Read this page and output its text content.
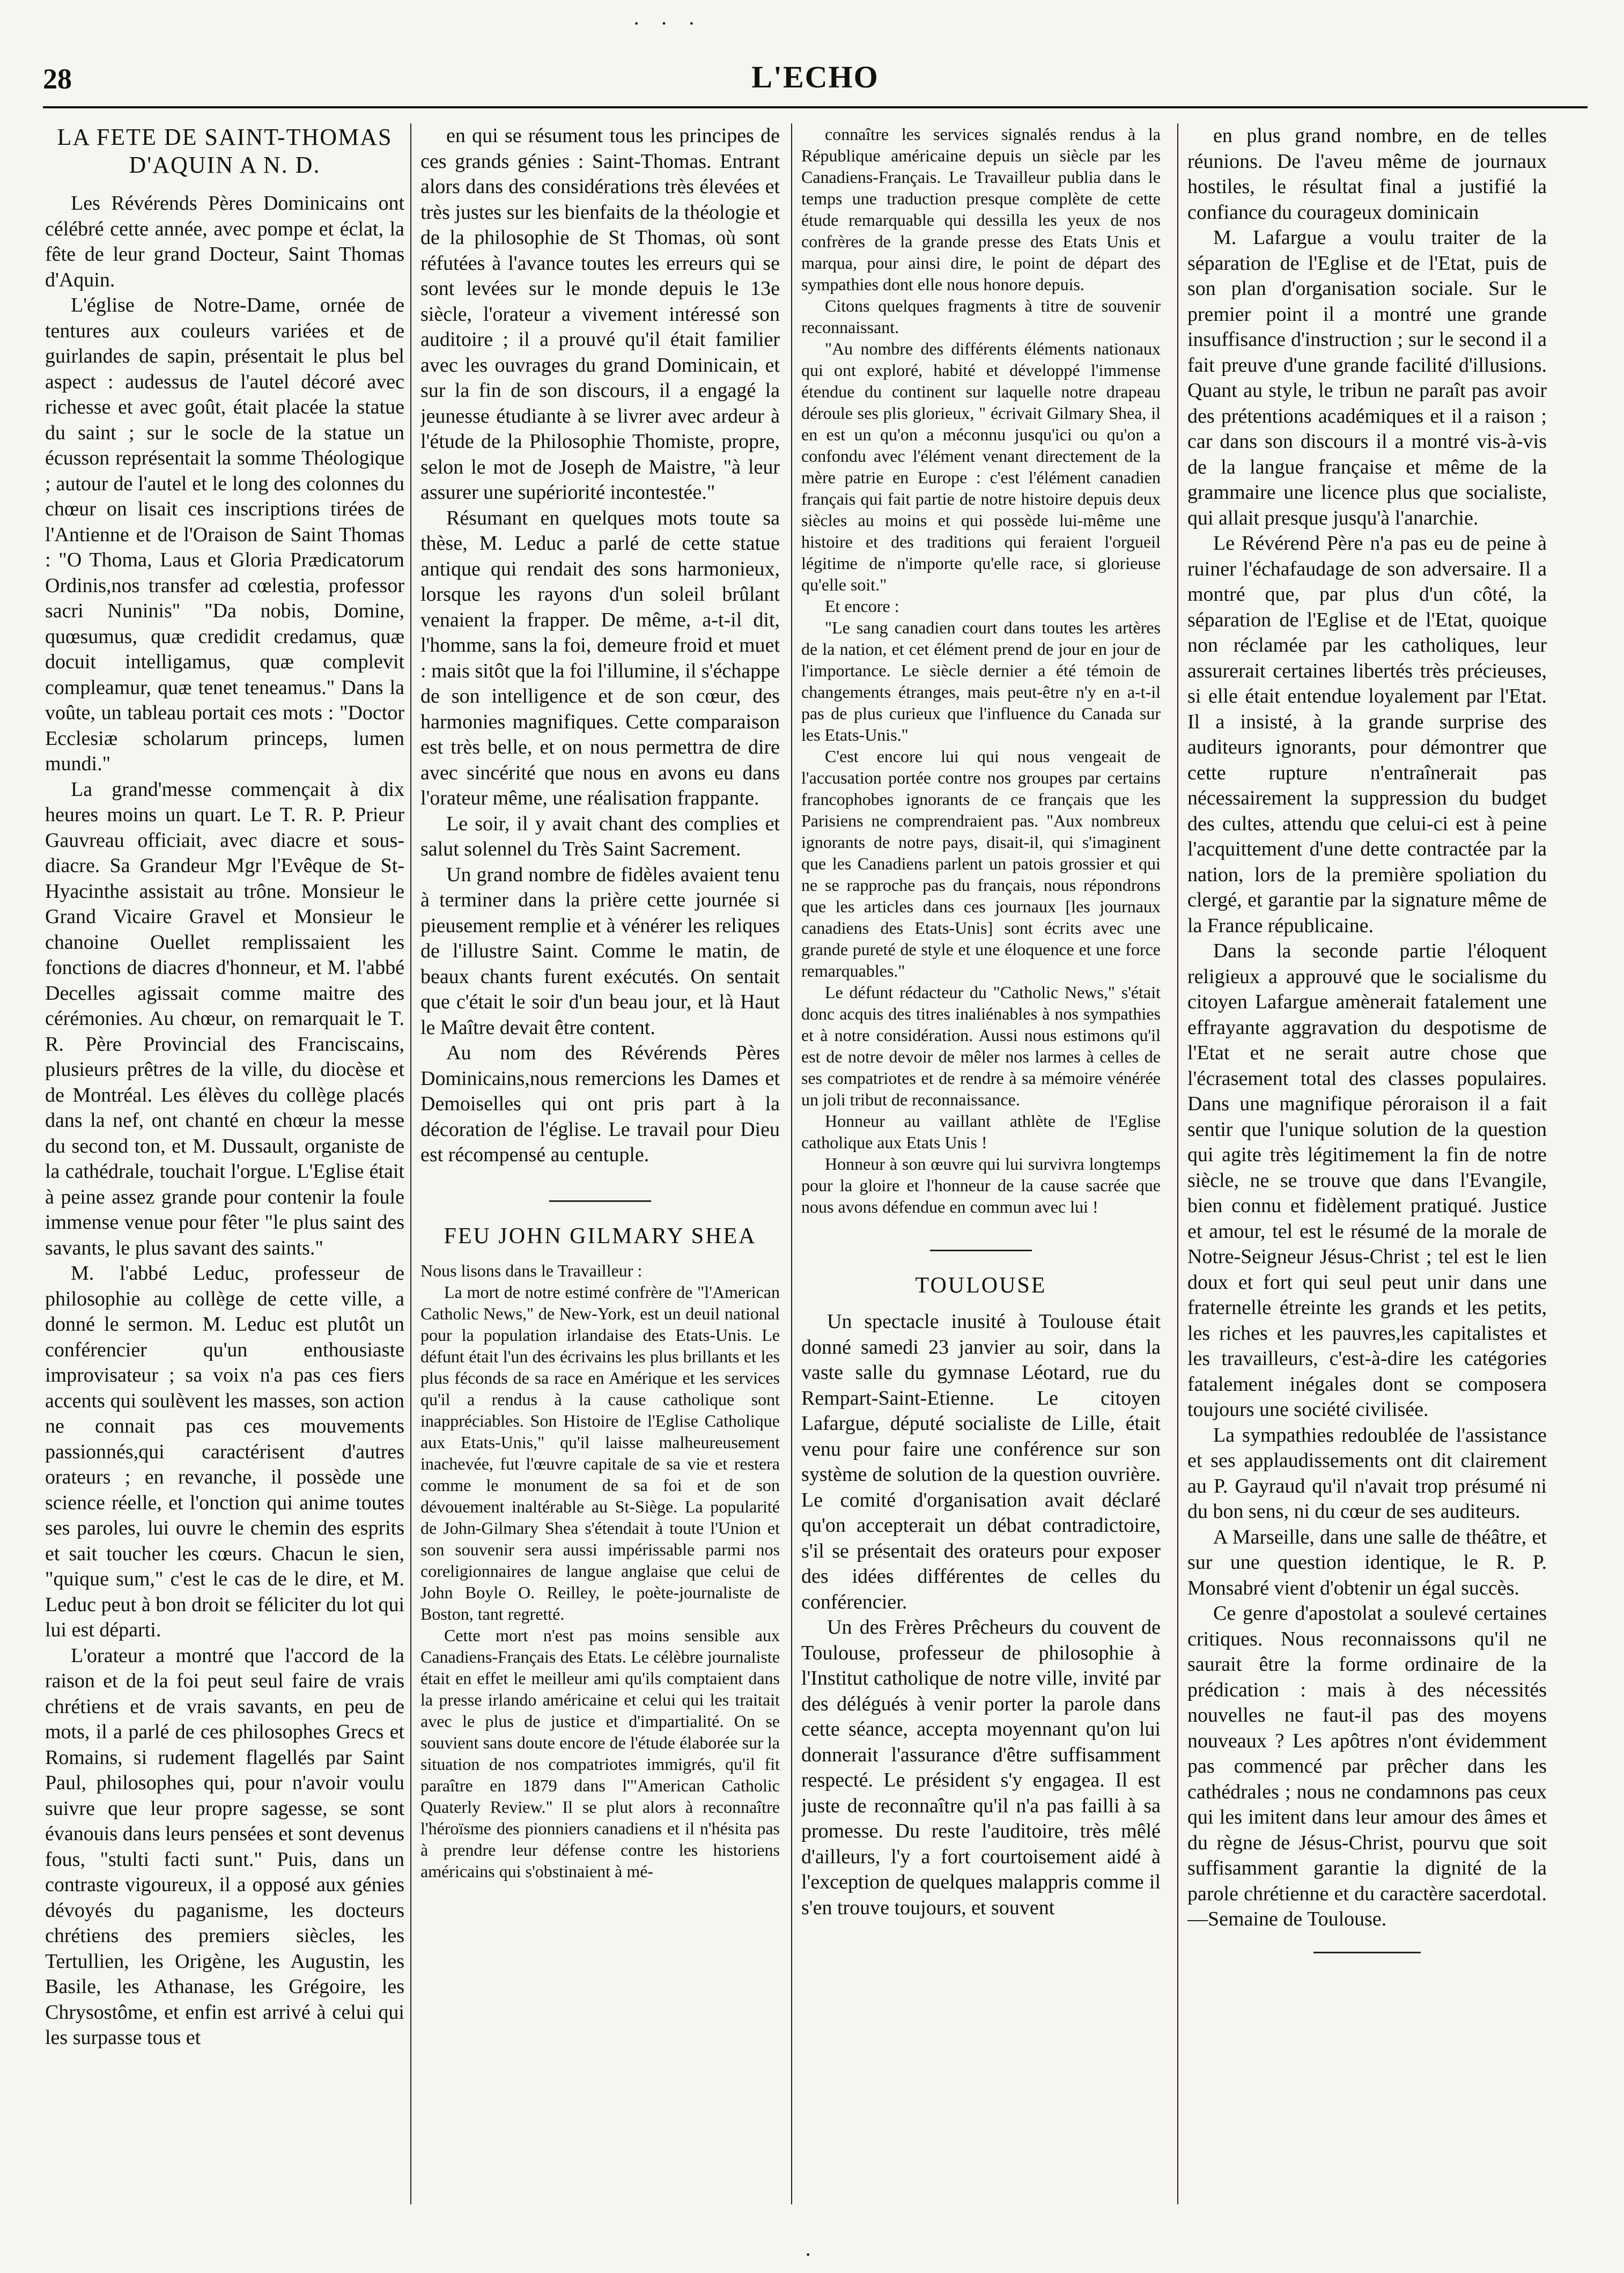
···
28	L'ECHO
LA FETE DE SAINT-THOMAS D'AQUIN A N. D.

Les Révérends Pères Dominicains ont célébré cette année, avec pompe et éclat, la fête de leur grand Docteur, Saint Thomas d'Aquin.

L'église de Notre-Dame, ornée de tentures aux couleurs variées et de guirlandes de sapin, présentait le plus bel aspect : audessus de l'autel décoré avec richesse et avec goût, était placée la statue du saint ; sur le socle de la statue un écusson représentait la somme Théologique ; autour de l'autel et le long des colonnes du chœur on lisait ces inscriptions tirées de l'Antienne et de l'Oraison de Saint Thomas : "O Thoma, Laus et Gloria Prædicatorum Ordinis,nos transfer ad cœlestia, professor sacri Nuninis" "Da nobis, Domine, quœsumus, quæ credidit credamus, quæ docuit intelligamus, quæ complevit compleamur, quæ tenet teneamus." Dans la voûte, un tableau portait ces mots : "Doctor Ecclesiæ scholarum princeps, lumen mundi."

La grand'messe commençait à dix heures moins un quart. Le T. R. P. Prieur Gauvreau officiait, avec diacre et sous-diacre. Sa Grandeur Mgr l'Evêque de St-Hyacinthe assistait au trône. Monsieur le Grand Vicaire Gravel et Monsieur le chanoine Ouellet remplissaient les fonctions de diacres d'honneur, et M. l'abbé Decelles agissait comme maitre des cérémonies. Au chœur, on remarquait le T. R. Père Provincial des Franciscains, plusieurs prêtres de la ville, du diocèse et de Montréal. Les élèves du collège placés dans la nef, ont chanté en chœur la messe du second ton, et M. Dussault, organiste de la cathédrale, touchait l'orgue. L'Eglise était à peine assez grande pour contenir la foule immense venue pour fêter "le plus saint des savants, le plus savant des saints."

M. l'abbé Leduc, professeur de philosophie au collège de cette ville, a donné le sermon. M. Leduc est plutôt un conférencier qu'un enthousiaste improvisateur ; sa voix n'a pas ces fiers accents qui soulèvent les masses, son action ne connait pas ces mouvements passionnés,qui caractérisent d'autres orateurs ; en revanche, il possède une science réelle, et l'onction qui anime toutes ses paroles, lui ouvre le chemin des esprits et sait toucher les cœurs. Chacun le sien, "quique sum," c'est le cas de le dire, et M. Leduc peut à bon droit se féliciter du lot qui lui est départi.

L'orateur a montré que l'accord de la raison et de la foi peut seul faire de vrais chrétiens et de vrais savants, en peu de mots, il a parlé de ces philosophes Grecs et Romains, si rudement flagellés par Saint Paul, philosophes qui, pour n'avoir voulu suivre que leur propre sagesse, se sont évanouis dans leurs pensées et sont devenus fous, "stulti facti sunt." Puis, dans un contraste vigoureux, il a opposé aux génies dévoyés du paganisme, les docteurs chrétiens des premiers siècles, les Tertullien, les Origène, les Augustin, les Basile, les Athanase, les Grégoire, les Chrysostôme, et enfin est arrivé à celui qui les surpasse tous et

en qui se résument tous les principes de ces grands génies : Saint-Thomas. Entrant alors dans des considérations très élevées et très justes sur les bienfaits de la théologie et de la philosophie de St Thomas, où sont réfutées à l'avance toutes les erreurs qui se sont levées sur le monde depuis le 13e siècle, l'orateur a vivement intéressé son auditoire ; il a prouvé qu'il était familier avec les ouvrages du grand Dominicain, et sur la fin de son discours, il a engagé la jeunesse étudiante à se livrer avec ardeur à l'étude de la Philosophie Thomiste, propre, selon le mot de Joseph de Maistre, "à leur assurer une supériorité incontestée."

Résumant en quelques mots toute sa thèse, M. Leduc a parlé de cette statue antique qui rendait des sons harmonieux, lorsque les rayons d'un soleil brûlant venaient la frapper. De même, a-t-il dit, l'homme, sans la foi, demeure froid et muet : mais sitôt que la foi l'illumine, il s'échappe de son intelligence et de son cœur, des harmonies magnifiques. Cette comparaison est très belle, et on nous permettra de dire avec sincérité que nous en avons eu dans l'orateur même, une réalisation frappante.

Le soir, il y avait chant des complies et salut solennel du Très Saint Sacrement.

Un grand nombre de fidèles avaient tenu à terminer dans la prière cette journée si pieusement remplie et à vénérer les reliques de l'illustre Saint. Comme le matin, de beaux chants furent exécutés. On sentait que c'était le soir d'un beau jour, et là Haut le Maître devait être content.

Au nom des Révérends Pères Dominicains,nous remercions les Dames et Demoiselles qui ont pris part à la décoration de l'église. Le travail pour Dieu est récompensé au centuple.

FEU JOHN GILMARY SHEA

Nous lisons dans le Travailleur :

La mort de notre estimé confrère de "l'American Catholic News," de New-York, est un deuil national pour la population irlandaise des Etats-Unis. Le défunt était l'un des écrivains les plus brillants et les plus féconds de sa race en Amérique et les services qu'il a rendus à la cause catholique sont inappréciables. Son Histoire de l'Eglise Catholique aux Etats-Unis," qu'il laisse malheureusement inachevée, fut l'œuvre capitale de sa vie et restera comme le monument de sa foi et de son dévouement inaltérable au St-Siège. La popularité de John-Gilmary Shea s'étendait à toute l'Union et son souvenir sera aussi impérissable parmi nos coreligionnaires de langue anglaise que celui de John Boyle O. Reilley, le poète-journaliste de Boston, tant regretté.

Cette mort n'est pas moins sensible aux Canadiens-Français des Etats. Le célèbre journaliste était en effet le meilleur ami qu'ils comptaient dans la presse irlando américaine et celui qui les traitait avec le plus de justice et d'impartialité. On se souvient sans doute encore de l'étude élaborée sur la situation de nos compatriotes immigrés, qu'il fit paraître en 1879 dans l'"American Catholic Quaterly Review." Il se plut alors à reconnaître l'héroïsme des pionniers canadiens et il n'hésita pas à prendre leur défense contre les historiens américains qui s'obstinaient à mé-

connaître les services signalés rendus à la République américaine depuis un siècle par les Canadiens-Français. Le Travailleur publia dans le temps une traduction presque complète de cette étude remarquable qui dessilla les yeux de nos confrères de la grande presse des Etats Unis et marqua, pour ainsi dire, le point de départ des sympathies dont elle nous honore depuis.

Citons quelques fragments à titre de souvenir reconnaissant.

"Au nombre des différents éléments nationaux qui ont exploré, habité et développé l'immense étendue du continent sur laquelle notre drapeau déroule ses plis glorieux, " écrivait Gilmary Shea, il en est un qu'on a méconnu jusqu'ici ou qu'on a confondu avec l'élément venant directement de la mère patrie en Europe : c'est l'élément canadien français qui fait partie de notre histoire depuis deux siècles au moins et qui possède lui-même une histoire et des traditions qui feraient l'orgueil légitime de n'importe qu'elle race, si glorieuse qu'elle soit."

Et encore :

"Le sang canadien court dans toutes les artères de la nation, et cet élément prend de jour en jour de l'importance. Le siècle dernier a été témoin de changements étranges, mais peut-être n'y en a-t-il pas de plus curieux que l'influence du Canada sur les Etats-Unis."

C'est encore lui qui nous vengeait de l'accusation portée contre nos groupes par certains francophobes ignorants de ce français que les Parisiens ne comprendraient pas. "Aux nombreux ignorants de notre pays, disait-il, qui s'imaginent que les Canadiens parlent un patois grossier et qui ne se rapproche pas du français, nous répondrons que les articles dans ces journaux [les journaux canadiens des Etats-Unis] sont écrits avec une grande pureté de style et une éloquence et une force remarquables."

Le défunt rédacteur du "Catholic News," s'était donc acquis des titres inaliénables à nos sympathies et à notre considération. Aussi nous estimons qu'il est de notre devoir de mêler nos larmes à celles de ses compatriotes et de rendre à sa mémoire vénérée un joli tribut de reconnaissance.

Honneur au vaillant athlète de l'Eglise catholique aux Etats Unis !

Honneur à son œuvre qui lui survivra longtemps pour la gloire et l'honneur de la cause sacrée que nous avons défendue en commun avec lui !

TOULOUSE

Un spectacle inusité à Toulouse était donné samedi 23 janvier au soir, dans la vaste salle du gymnase Léotard, rue du Rempart-Saint-Etienne. Le citoyen Lafargue, député socialiste de Lille, était venu pour faire une conférence sur son système de solution de la question ouvrière. Le comité d'organisation avait déclaré qu'on accepterait un débat contradictoire, s'il se présentait des orateurs pour exposer des idées différentes de celles du conférencier.

Un des Frères Prêcheurs du couvent de Toulouse, professeur de philosophie à l'Institut catholique de notre ville, invité par des délégués à venir porter la parole dans cette séance, accepta moyennant qu'on lui donnerait l'assurance d'être suffisamment respecté. Le président s'y engagea. Il est juste de reconnaître qu'il n'a pas failli à sa promesse. Du reste l'auditoire, très mêlé d'ailleurs, l'y a fort courtoisement aidé à l'exception de quelques malappris comme il s'en trouve toujours, et souvent

en plus grand nombre, en de telles réunions. De l'aveu même de journaux hostiles, le résultat final a justifié la confiance du courageux dominicain

M. Lafargue a voulu traiter de la séparation de l'Eglise et de l'Etat, puis de son plan d'organisation sociale. Sur le premier point il a montré une grande insuffisance d'instruction ; sur le second il a fait preuve d'une grande facilité d'illusions. Quant au style, le tribun ne paraît pas avoir des prétentions académiques et il a raison ; car dans son discours il a montré vis-à-vis de la langue française et même de la grammaire une licence plus que socialiste, qui allait presque jusqu'à l'anarchie.

Le Révérend Père n'a pas eu de peine à ruiner l'échafaudage de son adversaire. Il a montré que, par plus d'un côté, la séparation de l'Eglise et de l'Etat, quoique non réclamée par les catholiques, leur assurerait certaines libertés très précieuses, si elle était entendue loyalement par l'Etat. Il a insisté, à la grande surprise des auditeurs ignorants, pour démontrer que cette rupture n'entraînerait pas nécessairement la suppression du budget des cultes, attendu que celui-ci est à peine l'acquittement d'une dette contractée par la nation, lors de la première spoliation du clergé, et garantie par la signature même de la France républicaine.

Dans la seconde partie l'éloquent religieux a approuvé que le socialisme du citoyen Lafargue amènerait fatalement une effrayante aggravation du despotisme de l'Etat et ne serait autre chose que l'écrasement total des classes populaires. Dans une magnifique péroraison il a fait sentir que l'unique solution de la question qui agite très légitimement la fin de notre siècle, ne se trouve que dans l'Evangile, bien connu et fidèlement pratiqué. Justice et amour, tel est le résumé de la morale de Notre-Seigneur Jésus-Christ ; tel est le lien doux et fort qui seul peut unir dans une fraternelle étreinte les grands et les petits, les riches et les pauvres,les capitalistes et les travailleurs, c'est-à-dire les catégories fatalement inégales dont se composera toujours une société civilisée.

La sympathies redoublée de l'assistance et ses applaudissements ont dit clairement au P. Gayraud qu'il n'avait trop présumé ni du bon sens, ni du cœur de ses auditeurs.

A Marseille, dans une salle de théâtre, et sur une question identique, le R. P. Monsabré vient d'obtenir un égal succès.

Ce genre d'apostolat a soulevé certaines critiques. Nous reconnaissons qu'il ne saurait être la forme ordinaire de la prédication : mais à des nécessités nouvelles ne faut-il pas des moyens nouveaux ? Les apôtres n'ont évidemment pas commencé par prêcher dans les cathédrales ; nous ne condamnons pas ceux qui les imitent dans leur amour des âmes et du règne de Jésus-Christ, pourvu que soit suffisamment garantie la dignité de la parole chrétienne et du caractère sacerdotal.—Semaine de Toulouse.

·
